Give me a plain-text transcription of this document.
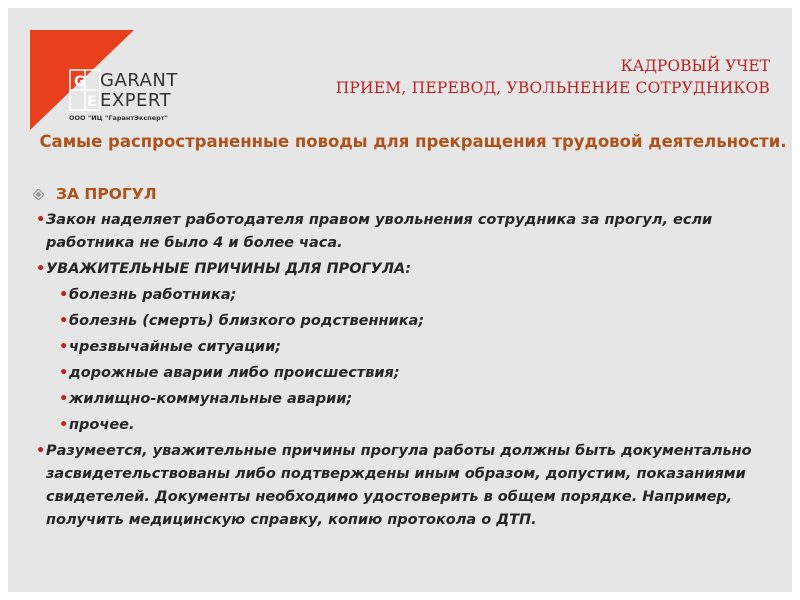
G
E
GARANT
EXPERT
ООО "ИЦ "ГарантЭксперт"
КАДРОВЫЙ УЧЕТ
ПРИЕМ, ПЕРЕВОД, УВОЛЬНЕНИЕ СОТРУДНИКОВ
Самые распространенные поводы для прекращения трудовой деятельности.
ЗА ПРОГУЛ
• Закон наделяет работодателя правом увольнения сотрудника за прогул, если работника не было 4 и более часа.
• УВАЖИТЕЛЬНЫЕ ПРИЧИНЫ ДЛЯ ПРОГУЛА:
• болезнь работника;
• болезнь (смерть) близкого родственника;
• чрезвычайные ситуации;
• дорожные аварии либо происшествия;
• жилищно-коммунальные аварии;
• прочее.
• Разумеется, уважительные причины прогула работы должны быть документально засвидетельствованы либо подтверждены иным образом, допустим, показаниями свидетелей. Документы необходимо удостоверить в общем порядке. Например, получить медицинскую справку, копию протокола о ДТП.
